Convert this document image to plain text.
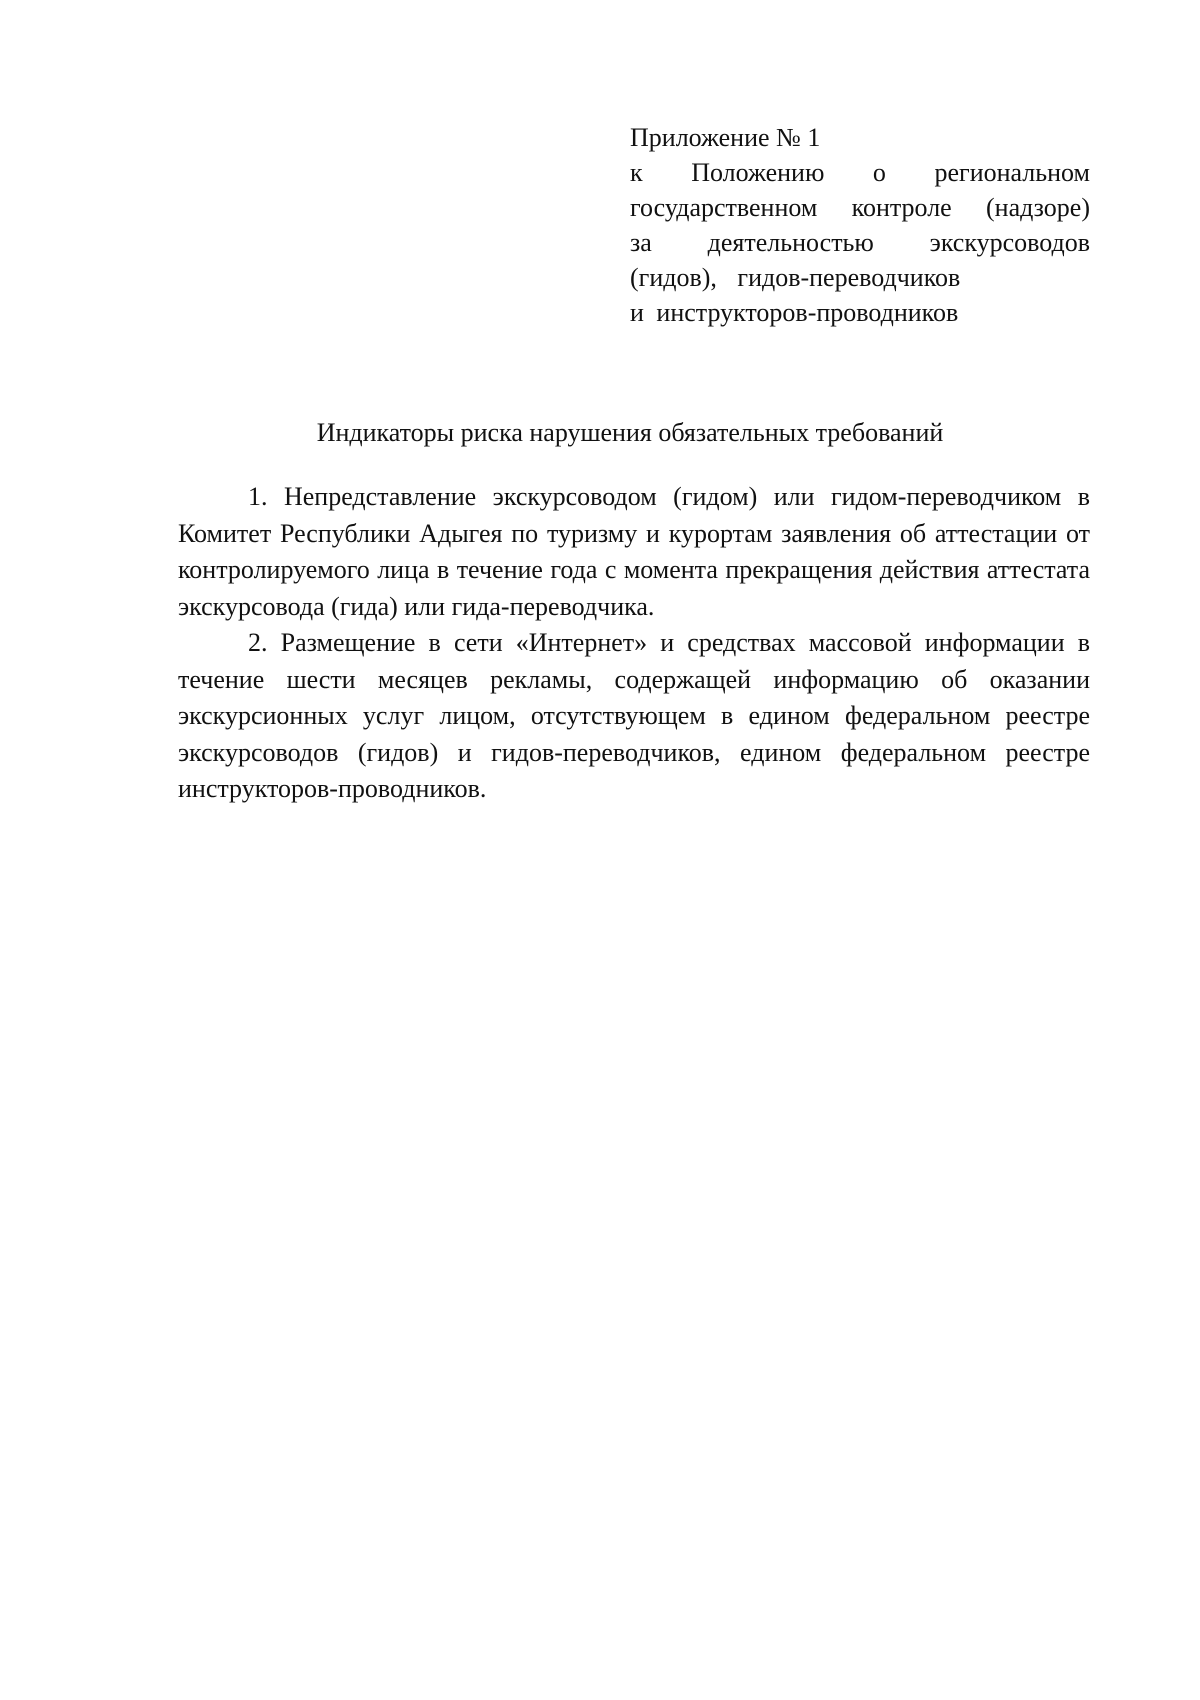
Приложение № 1
к Положению о региональном
государственном контроле (надзоре)
за деятельностью экскурсоводов
(гидов), гидов-переводчиков
и инструкторов-проводников
Индикаторы риска нарушения обязательных требований

1. Непредставление экскурсоводом (гидом) или гидом-переводчиком в Комитет Республики Адыгея по туризму и курортам заявления об аттестации от контролируемого лица в течение года с момента прекращения действия аттестата экскурсовода (гида) или гида-переводчика.

2. Размещение в сети «Интернет» и средствах массовой информации в течение шести месяцев рекламы, содержащей информацию об оказании экскурсионных услуг лицом, отсутствующем в едином федеральном реестре экскурсоводов (гидов) и гидов-переводчиков, едином федеральном реестре инструкторов-проводников.
